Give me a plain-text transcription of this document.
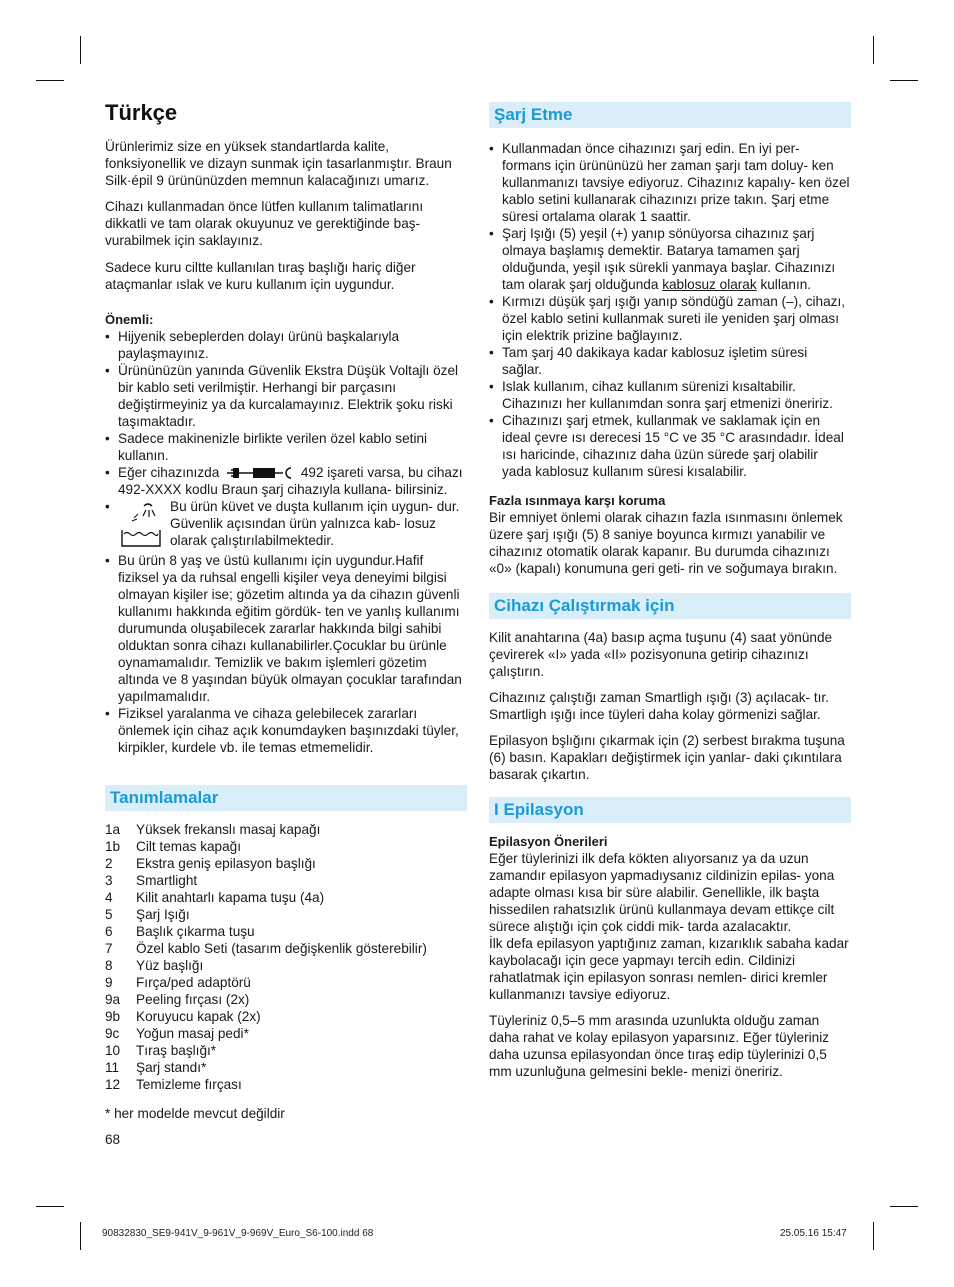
Türkçe

Ürünlerimiz size en yüksek standartlarda kalite, fonksiyonellik ve dizayn sunmak için tasarlanmıştır. Braun Silk·épil 9 ürününüzden memnun kalacağınızı umarız.

Cihazı kullanmadan önce lütfen kullanım talimatlarını dikkatli ve tam olarak okuyunuz ve gerektiğinde baş- vurabilmek için saklayınız.

Sadece kuru ciltte kullanılan tıraş başlığı hariç diğer ataçmanlar ıslak ve kuru kullanım için uygundur.

Önemli:

• Hijyenik sebeplerden dolayı ürünü başkalarıyla paylaşmayınız.
• Ürününüzün yanında Güvenlik Ekstra Düşük Voltajlı özel bir kablo seti verilmiştir. Herhangi bir parçasını değiştirmeyiniz ya da kurcalamayınız. Elektrik şoku riski taşımaktadır.
• Sadece makinenizle birlikte verilen özel kablo setini kullanın.
• Eğer cihazınızda	492 işareti varsa, bu cihazı 492-XXXX kodlu Braun şarj cihazıyla kullana- bilirsiniz.
• Bu ürün küvet ve duşta kullanım için uygun- dur. Güvenlik açısından ürün yalnızca kab- losuz olarak çalıştırılabilmektedir.
• Bu ürün 8 yaş ve üstü kullanımı için uygundur.Hafif fiziksel ya da ruhsal engelli kişiler veya deneyimi bilgisi olmayan kişiler ise; gözetim altında ya da cihazın güvenli kullanımı hakkında eğitim gördük- ten ve yanlış kullanımı durumunda oluşabilecek zararlar hakkında bilgi sahibi olduktan sonra cihazı kullanabilirler.Çocuklar bu ürünle oynamamalıdır. Temizlik ve bakım işlemleri gözetim altında ve 8 yaşından büyük olmayan çocuklar tarafından yapılmamalıdır.
• Fiziksel yaralanma ve cihaza gelebilecek zararları önlemek için cihaz açık konumdayken başınızdaki tüyler, kirpikler, kurdele vb. ile temas etmemelidir.
Tanımlamalar
1a	Yüksek frekanslı masaj kapağı
1b	Cilt temas kapağı
2	Ekstra geniş epilasyon başlığı
3	Smartlight
4	Kilit anahtarlı kapama tuşu (4a)
5	Şarj Işığı
6	Başlık çıkarma tuşu
7	Özel kablo Seti (tasarım değişkenlik gösterebilir)
8	Yüz başlığı
9	Fırça/ped adaptörü
9a	Peeling fırçası (2x)
9b	Koruyucu kapak (2x)
9c	Yoğun masaj pedi*
10	Tıraş başlığı*
11	Şarj standı*
12	Temizleme fırçası

* her modelde mevcut değildir

68

Şarj Etme
• Kullanmadan önce cihazınızı şarj edin. En iyi per- formans için ürününüzü her zaman şarjı tam doluy- ken kullanmanızı tavsiye ediyoruz. Cihazınız kapalıy- ken özel kablo setini kullanarak cihazınızı prize takın. Şarj etme süresi ortalama olarak 1 saattir.
• Şarj Işığı (5) yeşil (+) yanıp sönüyorsa cihazınız şarj olmaya başlamış demektir. Batarya tamamen şarj olduğunda, yeşil ışık sürekli yanmaya başlar. Cihazınızı tam olarak şarj olduğunda kablosuz olarak kullanın.
• Kırmızı düşük şarj ışığı yanıp söndüğü zaman (–), cihazı, özel kablo setini kullanmak sureti ile yeniden şarj olması için elektrik prizine bağlayınız.
• Tam şarj 40 dakikaya kadar kablosuz işletim süresi sağlar.
• Islak kullanım, cihaz kullanım sürenizi kısaltabilir. Cihazınızı her kullanımdan sonra şarj etmenizi öneririz.
• Cihazınızı şarj etmek, kullanmak ve saklamak için en ideal çevre ısı derecesi 15 °C ve 35 °C arasındadır. İdeal ısı haricinde, cihazınız daha üzün sürede şarj olabilir yada kablosuz kullanım süresi kısalabilir.

Fazla ısınmaya karşı koruma

Bir emniyet önlemi olarak cihazın fazla ısınmasını önlemek üzere şarj ışığı (5) 8 saniye boyunca kırmızı yanabilir ve cihazınız otomatik olarak kapanır. Bu durumda cihazınızı «0» (kapalı) konumuna geri geti- rin ve soğumaya bırakın.

Cihazı Çalıştırmak için

Kilit anahtarına (4a) basıp açma tuşunu (4) saat yönünde çevirerek «I» yada «II» pozisyonuna getirip cihazınızı çalıştırın.

Cihazınız çalıştığı zaman Smartligh ışığı (3) açılacak- tır. Smartligh ışığı ince tüyleri daha kolay görmenizi sağlar.

Epilasyon bşlığını çıkarmak için (2) serbest bırakma tuşuna (6) basın. Kapakları değiştirmek için yanlar- daki çıkıntılara basarak çıkartın.

I Epilasyon

Epilasyon Önerileri

Eğer tüylerinizi ilk defa kökten alıyorsanız ya da uzun zamandır epilasyon yapmadıysanız cildinizin epilas- yona adapte olması kısa bir süre alabilir. Genellikle, ilk başta hissedilen rahatsızlık ürünü kullanmaya devam ettikçe cilt sürece alıştığı için çok ciddi mik- tarda azalacaktır.

İlk defa epilasyon yaptığınız zaman, kızarıklık sabaha kadar kaybolacağı için gece yapmayı tercih edin. Cildinizi rahatlatmak için epilasyon sonrası nemlen- dirici kremler kullanmanızı tavsiye ediyoruz.

Tüyleriniz 0,5–5 mm arasında uzunlukta olduğu zaman daha rahat ve kolay epilasyon yaparsınız. Eğer tüyleriniz daha uzunsa epilasyondan önce tıraş edip tüylerinizi 0,5 mm uzunluğuna gelmesini bekle- menizi öneririz.

90832830_SE9-941V_9-961V_9-969V_Euro_S6-100.indd 68	25.05.16 15:47
